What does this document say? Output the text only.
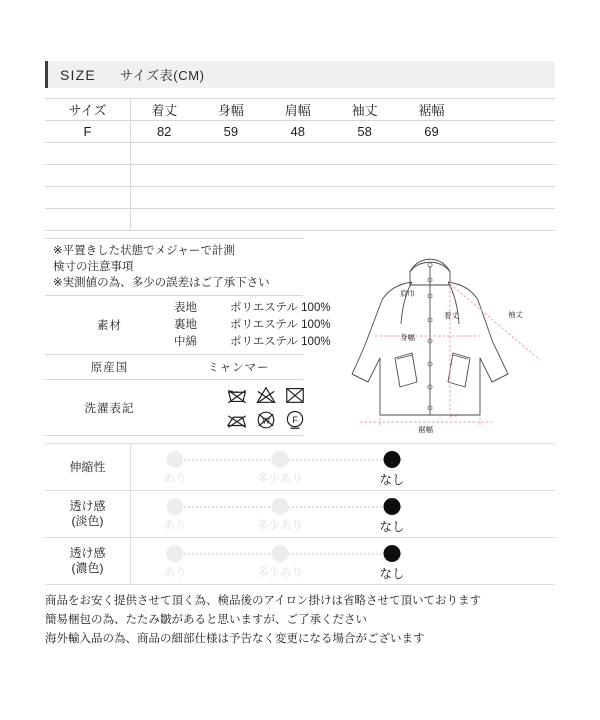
SIZE サイズ表(CM)
サイズ	着丈	身幅	肩幅	袖丈	裾幅	
F	82	59	48	58	69	

※平置きした状態でメジャーで計測
検寸の注意事項
※実測値の為、多少の誤差はご了承下さい	

素材	
表地	ポリエステル 100%
裏地	ポリエステル 100%
中綿	ポリエステル 100%

原産国	ミャンマー
洗濯表記	W F
肩巾
着丈	袖丈
身幅
裾幅
伸縮性	あり 多少あり なし

透け感
(淡色)	あり	多少あり	なし

透け感
(濃色)	あり	多少あり	なし
商品をお安く提供させて頂く為、検品後のアイロン掛けは省略させて頂いております
簡易梱包の為、たたみ皺があると思いますが、ご了承ください
海外輸入品の為、商品の細部仕様は予告なく変更になる場合がございます
